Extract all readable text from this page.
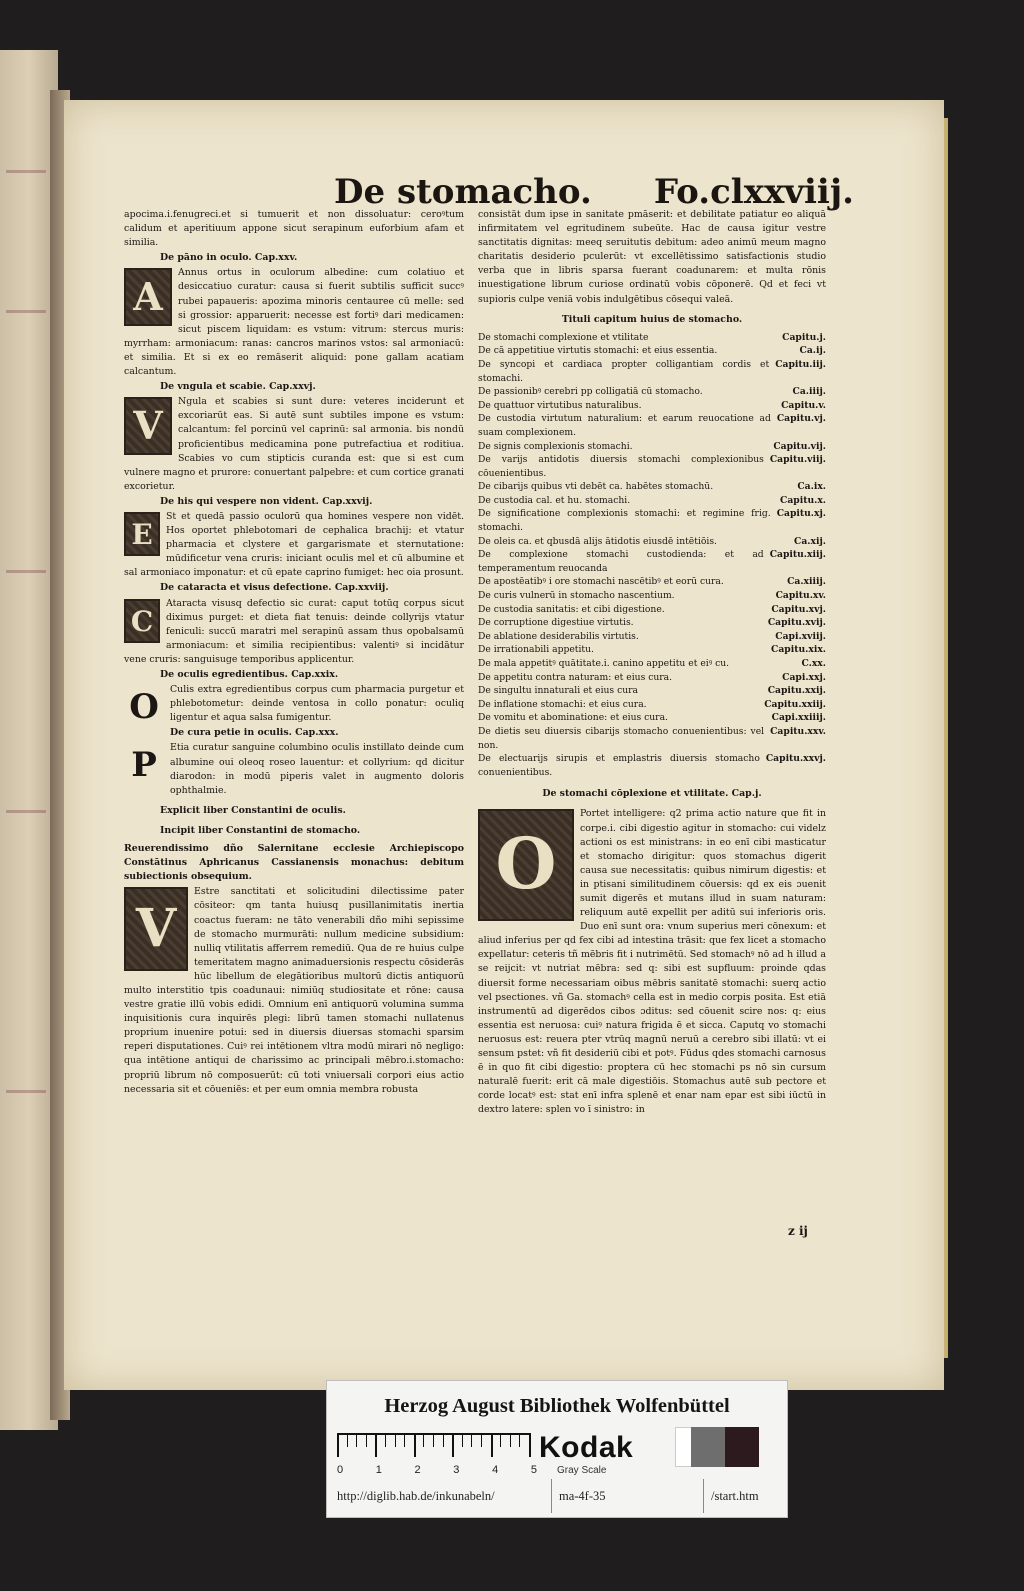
De stomacho. Fo.clxxviij.

apocima.i.fenugreci.et si tumuerit et non dissoluatur: ceroꝰtum calidum et aperitiuum appone sicut serapinum euforbium afam et similia.

De pāno in oculo. Cap.xxv.

A
Annus ortus in oculorum albedine: cum colatiuo et desiccatiuo curatur: causa si fuerit subtilis sufficit succꝰ rubei papaueris: apozima minoris centauree cū melle: sed si grossior: apparuerit: necesse est fortiꝰ dari medicamen: sicut piscem liquidam: es vstum: vitrum: stercus muris: myrrham: armoniacum: ranas: cancros marinos vstos: sal armoniacū: et similia. Et si ex eo remāserit aliquid: pone gallam acatiam calcantum.

De vngula et scabie. Cap.xxvj.

V
Ngula et scabies si sunt dure: veteres inciderunt et excoriarūt eas. Si autē sunt subtiles impone es vstum: calcantum: fel porcinū vel caprinū: sal armonia. bis nondū proficientibus medicamina pone putrefactiua et roditiua. Scabies vo cum stipticis curanda est: que si est cum vulnere magno et prurore: conuertant palpebre: et cum cortice granati excorietur.

De his qui vespere non vident. Cap.xxvij.

E
St et quedā passio oculorū qua homines vespere non vidēt. Hos oportet phlebotomari de cephalica brachij: et vtatur pharmacia et clystere et gargarismate et sternutatione: mūdificetur vena cruris: iniciant oculis mel et cū albumine et sal armoniaco imponatur: et cū epate caprino fumiget: hec oia prosunt.

De cataracta et visus defectione. Cap.xxviij.

C
Ataracta visusq defectio sic curat: caput totūq corpus sicut diximus purget: et dieta fiat tenuis: deinde collyrijs vtatur feniculi: succū maratri mel serapinū assam thus opobalsamū armoniacum: et similia recipientibus: valentiꝰ si incidātur vene cruris: sanguisuge temporibus applicentur.

De oculis egredientibus. Cap.xxix.

O	Culis extra egredientibus corpus cum pharmacia purgetur et phlebotometur: deinde ventosa in collo ponatur: oculiq ligentur et aqua salsa fumigentur.

De cura petie in oculis. Cap.xxx.

P	Etia curatur sanguine columbino oculis instillato deinde cum albumine oui oleoq roseo lauentur: et collyrium: qd dicitur diarodon: in modū piperis valet in augmento doloris ophthalmie.

Explicit liber Constantini de oculis.

Incipit liber Constantini de stomacho.

Reuerendissimo dño Salernitane ecclesie Archiepiscopo Constātinus Aphricanus Cassianensis monachus: debitum subiectionis obsequium.

V
Estre sanctitati et solicitudini dilectissime pater cōsiteor: qm tanta huiusq pusillanimitatis inertia coactus fueram: ne tāto venerabili dño mihi sepissime de stomacho murmurāti: nullum medicine subsidium: nulliq vtilitatis afferrem remediū. Qua de re huius culpe temeritatem magno animaduersionis respectu cōsiderās hūc libellum de elegātioribus multorū dictis antiquorū multo interstitio tpis coadunaui: nimiūq studiositate et rōne: causa vestre gratie illū vobis edidi. Omnium enī antiquorū volumina summa inquisitionis cura inquirēs plegi: librū tamen stomachi nullatenus proprium inuenire potui: sed in diuersis diuersas stomachi sparsim reperi disputationes. Cuiꝰ rei intētionem vltra modū mirari nō negligo: qua intētione antiqui de charissimo ac principali mēbro.i.stomacho: propriū librum nō composuerūt: cū toti vniuersali corpori eius actio necessaria sit et cōueniēs: et per eum omnia membra robusta

consistāt dum ipse in sanitate pmāserit: et debilitate patiatur eo aliquā infirmitatem vel egritudinem subeūte. Hac de causa igitur vestre sanctitatis dignitas: meeq seruitutis debitum: adeo animū meum magno charitatis desiderio pculerūt: vt excellētissimo satisfactionis studio verba que in libris sparsa fuerant coadunarem: et multa rōnis inuestigatione librum curiose ordinatū vobis cōponerē. Qd et feci vt supioris culpe veniā vobis indulgētibus cōsequi valeā.

Tituli capitum huius de stomacho.

De stomachi complexione et vtilitate	Capitu.j.
De cā appetitiue virtutis stomachi: et eius essentia.	Ca.ij.
De syncopi et cardiaca propter colligantiam cordis et stomachi.
Capitu.iij.
De passionibꝰ cerebri pp colligatiā cū stomacho.	Ca.iiij.
De quattuor virtutibus naturalibus.	Capitu.v.
De custodia virtutum naturalium: et earum reuocatione ad suam complexionem.
Capitu.vj.
De signis complexionis stomachi.	Capitu.vij.
De varijs antidotis diuersis stomachi complexionibus cōuenientibus.
Capitu.viij.
De cibarijs quibus vti debēt ca. habētes stomachū.	Ca.ix.
De custodia cal. et hu. stomachi.	Capitu.x.
De significatione complexionis stomachi: et regimine frig. stomachi.
Capitu.xj.
De oleis ca. et qbusdā alijs ātidotis eiusdē intētiōis.	Ca.xij.
De complexione stomachi custodienda: et ad temperamentum reuocanda
Capitu.xiij.
De apostēatibꝰ i ore stomachi nascētibꝰ et eorū cura.	Ca.xiiij.
De curis vulnerū in stomacho nascentium.	Capitu.xv.
De custodia sanitatis: et cibi digestione.	Capitu.xvj.
De corruptione digestiue virtutis.	Capitu.xvij.
De ablatione desiderabilis virtutis.	Capi.xviij.
De irrationabili appetitu.	Capitu.xix.
De mala appetitꝰ quātitate.i. canino appetitu et eiꝰ cu.	C.xx.
De appetitu contra naturam: et eius cura.	Capi.xxj.
De singultu innaturali et eius cura	Capitu.xxij.
De inflatione stomachi: et eius cura.	Capitu.xxiij.
De vomitu et abominatione: et eius cura.	Capi.xxiiij.
De dietis seu diuersis cibarijs stomacho conuenientibus: vel non.
Capitu.xxv.
De electuarijs sirupis et emplastris diuersis stomacho conuenientibus.
Capitu.xxvj.

De stomachi cōplexione et vtilitate. Cap.j.

O
Portet intelligere: q2 prima actio nature que fit in corpe.i. cibi digestio agitur in stomacho: cui videlz actioni os est ministrans: in eo enī cibi masticatur et stomacho dirigitur: quos stomachus digerit causa sue necessitatis: quibus nimirum digestis: et in ptisani similitudinem cōuersis: qd ex eis ɔuenit sumit digerēs et mutans illud in suam naturam: reliquum autē expellit per aditū sui inferioris oris. Duo enī sunt ora: vnum superius meri cōnexum: et aliud inferius per qd fex cibi ad intestina trāsit: que fex licet a stomacho expellatur: ceteris tñ mēbris fit i nutrimētū. Sed stomachꝰ nō ad h illud a se reijcit: vt nutriat mēbra: sed q: sibi est supfluum: proinde qdas diuersit forme necessariam oibus mēbris sanitatē stomachi: suerq actio vel psectiones. vñ Ga. stomachꝰ cella est in medio corpis posita. Est etiā instrumentū ad digerēdos cibos ɔditus: sed cōuenit scire nos: q: eius essentia est neruosa: cuiꝰ natura frigida ē et sicca. Caputq vo stomachi neruosus est: reuera pter vtrūq magnū neruū a cerebro sibi illatū: vt ei sensum pstet: vñ fit desideriū cibi et potꝰ. Fūdus qdes stomachi carnosus ē in quo fit cibi digestio: proptera cū hec stomachi ps nō sin cursum naturalē fuerit: erit cā male digestiōis. Stomachus autē sub pectore et corde locatꝰ est: stat enī infra splenē et enar nam epar est sibi iūctū in dextro latere: splen vo ī sinistro: in

z ij
Herzog August Bibliothek Wolfenbüttel
0	1	2	3	4	5
Kodak
Gray Scale
http://diglib.hab.de/inkunabeln/	ma-4f-35	/start.htm
